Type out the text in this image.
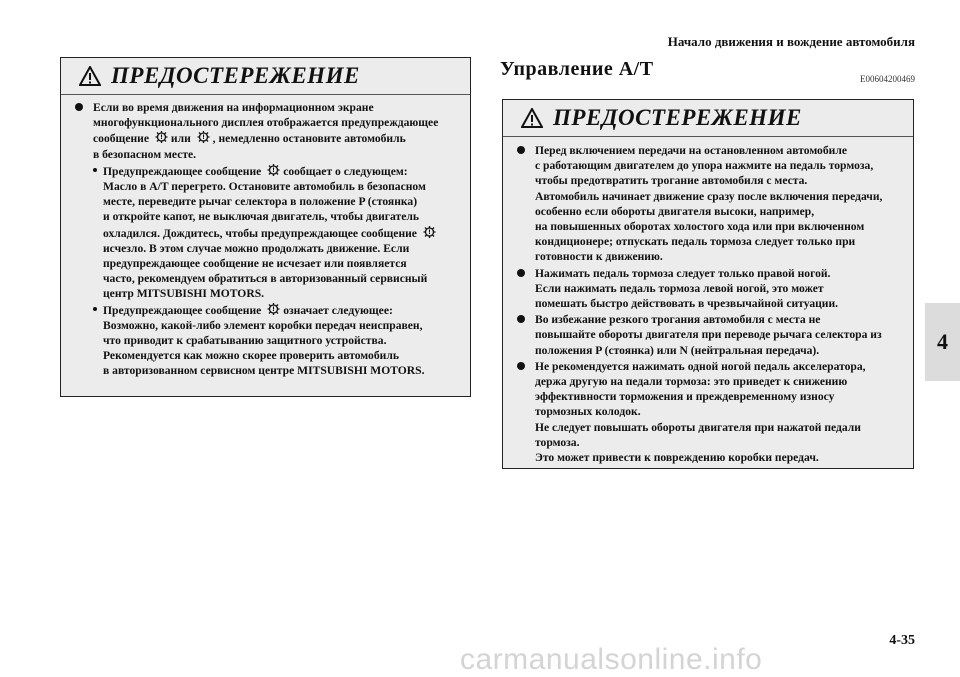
Начало движения и вождение автомобиля
4
ПРЕДОСТЕРЕЖЕНИЕ
Если во время движения на информационном экране
многофункционального дисплея отображается предупреждающее
сообщение ! или ! , немедленно остановите автомобиль
в безопасном месте.
Предупреждающее сообщение ! сообщает о следующем: Масло в A/T перегрето. Остановите автомобиль в безопасном месте, переведите рычаг селектора в положение P (стоянка) и откройте капот, не выключая двигатель, чтобы двигатель охладился. Дождитесь, чтобы предупреждающее сообщение !
исчезло. В этом случае можно продолжать движение. Если предупреждающее сообщение не исчезает или появляется часто, рекомендуем обратиться в авторизованный сервисный центр MITSUBISHI MOTORS.
Предупреждающее сообщение ! означает следующее: Возможно, какой-либо элемент коробки передач неисправен, что приводит к срабатыванию защитного устройства. Рекомендуется как можно скорее проверить автомобиль в авторизованном сервисном центре MITSUBISHI MOTORS.
Управление A/T	E00604200469
ПРЕДОСТЕРЕЖЕНИЕ
Перед включением передачи на остановленном автомобиле
с работающим двигателем до упора нажмите на педаль тормоза,
чтобы предотвратить трогание автомобиля с места.
Автомобиль начинает движение сразу после включения передачи,
особенно если обороты двигателя высоки, например,
на повышенных оборотах холостого хода или при включенном
кондиционере; отпускать педаль тормоза следует только при
готовности к движению.
Нажимать педаль тормоза следует только правой ногой.
Если нажимать педаль тормоза левой ногой, это может
помешать быстро действовать в чрезвычайной ситуации.
Во избежание резкого трогания автомобиля с места не
повышайте обороты двигателя при переводе рычага селектора из
положения P (стоянка) или N (нейтральная передача).
Не рекомендуется нажимать одной ногой педаль акселератора,
держа другую на педали тормоза: это приведет к снижению
эффективности торможения и преждевременному износу
тормозных колодок.
Не следует повышать обороты двигателя при нажатой педали
тормоза.
Это может привести к повреждению коробки передач.
4-35
carmanualsonline.info
